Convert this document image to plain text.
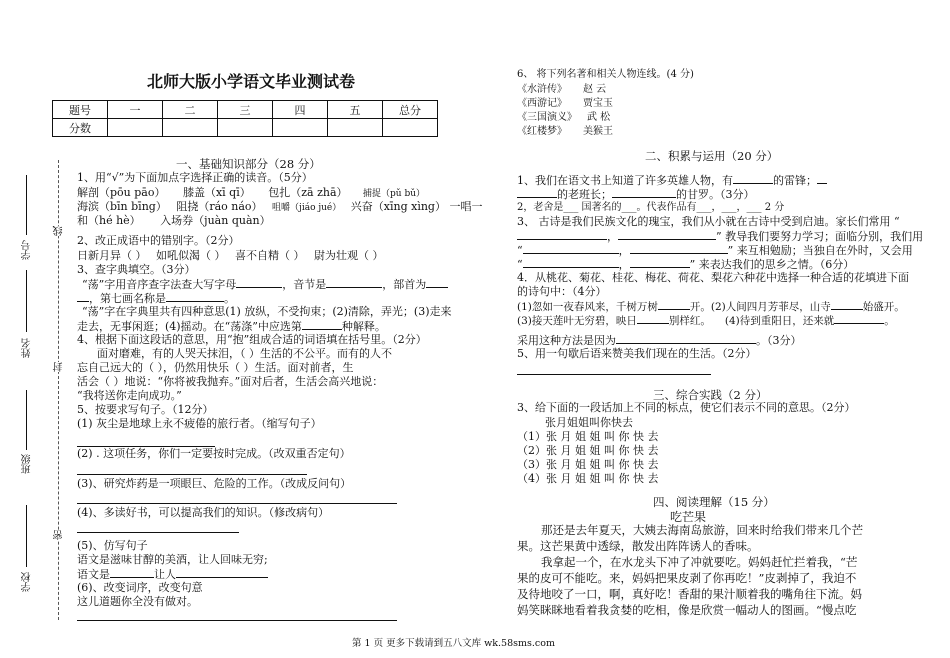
学号
姓名
班级
学校
线
封
密
北师大版小学语文毕业测试卷
题号	一	二	三	四	五	总分
分数						
一、基础知识部分（28 分）
1、用“√”为下面加点字选择正确的读音。（5分）
解剖（pōu pāo） 膝盖（xī qī） 包扎（zā zhā） 捕捉（pǔ bǔ）
海滨（bīn bīng） 阻挠（ráo náo） 咀嚼（jiáo jué） 兴奋（xīng xìng） 一唱一
和（hé hè） 入场券（juàn quàn）
2、改正成语中的错别字。（2分）
日新月异（ ） 如吼似渴（ ） 喜不自精（ ） 尉为壮观（ ）
3、查字典填空。（3分）
“荡”字用音序查字法查大写字母	，音节是	，部首为
，第七画名称是	。
“荡”字在字典里共有四种意思(1) 放纵，不受拘束；(2)清除，弄光；(3)走来
走去，无事闲逛；(4)摇动。在“荡涤”中应选第	种解释。
4、根据下面这段话的意思，用“抱”组成合适的词语填在括号里。（2分）
面对磨难，有的人哭天抹泪，（ ）生活的不公平。而有的人不
忘自己远大的（ ），仍然用快乐（ ）生活。面对前者，生
活会（ ）地说：“你将被我抛弃。”面对后者，生活会高兴地说：
“我将送你走向成功。”
5、按要求写句子。（12分）
(1) 灰尘是地球上永不疲倦的旅行者。（缩写句子）
(2) . 这项任务，你们一定要按时完成。（改双重否定句）
(3)、研究炸药是一项眼巨、危险的工作。（改成反问句）
(4)、多读好书，可以提高我们的知识。（修改病句）
(5)、仿写句子
语文是滋味甘醇的美酒，让人回味无穷;
语文是	让人
(6)、改变词序，改变句意
这儿道题你全没有做对。
6、 将下列名著和相关人物连线。(4 分)
《水浒传》 赵 云
《西游记》 贾宝玉
《三国演义》 武 松
《红楼梦》 美猴王
二、积累与运用（20 分）
1、我们在语文书上知道了许多英雄人物，有	的雷锋；
的老班长；	的甘罗。（3分）
2，老舍是___ 国著名的___。代表作品有___，___，___ 2 分
3、 古诗是我们民族文化的瑰宝，我们从小就在古诗中受到启迪。家长们常用 “
，	” 教导我们要努力学习；面临分别，我们用
“	，	” 来互相勉励；当独自在外时，又会用
“	，	” 来表达我们的思乡之情。（6分）
4．从桃花、菊花、桂花、梅花、荷花、梨花六种花中选择一种合适的花填进下面
的诗句中：（4分）
(1)忽如一夜春风来，千树万树	开。(2)人间四月芳菲尽，山寺	始盛开。
(3)接天莲叶无穷碧，映日	别样红。 (4)待到重阳日，还来就	。
采用这种方法是因为	。（3分）
5、用一句歇后语来赞美我们现在的生活。（2分）
三、综合实践（2 分）
3、给下面的一段话加上不同的标点，使它们表示不同的意思。（2分）
张月姐姐叫你快去
（1）张 月 姐 姐 叫 你 快 去
（2）张 月 姐 姐 叫 你 快 去
（3）张 月 姐 姐 叫 你 快 去
（4）张 月 姐 姐 叫 你 快 去
四、阅读理解（15 分）
吃芒果
那还是去年夏天，大姨去海南岛旅游，回来时给我们带来几个芒
果。这芒果黄中透绿，散发出阵阵诱人的香味。
我拿起一个，在水龙头下冲了冲就要吃。妈妈赶忙拦着我，“芒
果的皮可不能吃。来，妈妈把果皮剥了你再吃！”皮剥掉了，我迫不
及待地咬了一口，啊，真好吃！香甜的果汁顺着我的嘴角往下流。妈
妈笑眯眯地看着我贪婪的吃相，像是欣赏一幅动人的图画。“慢点吃
第 1 页 更多下载请到五八文库 wk.58sms.com
